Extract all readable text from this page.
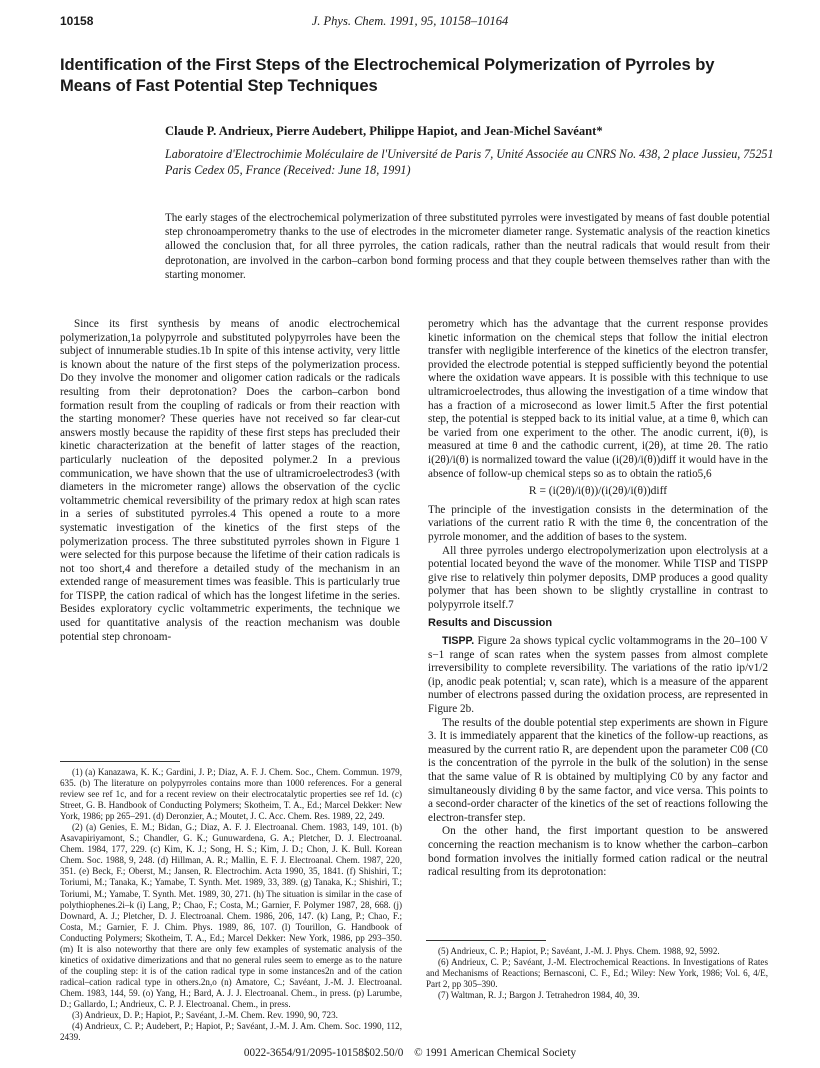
10158	J. Phys. Chem. 1991, 95, 10158–10164
Identification of the First Steps of the Electrochemical Polymerization of Pyrroles by Means of Fast Potential Step Techniques
Claude P. Andrieux, Pierre Audebert, Philippe Hapiot, and Jean-Michel Savéant*
Laboratoire d'Electrochimie Moléculaire de l'Université de Paris 7, Unité Associée au CNRS No. 438, 2 place Jussieu, 75251 Paris Cedex 05, France (Received: June 18, 1991)
The early stages of the electrochemical polymerization of three substituted pyrroles were investigated by means of fast double potential step chronoamperometry thanks to the use of electrodes in the micrometer diameter range. Systematic analysis of the reaction kinetics allowed the conclusion that, for all three pyrroles, the cation radicals, rather than the neutral radicals that would result from their deprotonation, are involved in the carbon–carbon bond forming process and that they couple between themselves rather than with the starting monomer.

Since its first synthesis by means of anodic electrochemical polymerization,1a polypyrrole and substituted polypyrroles have been the subject of innumerable studies.1b In spite of this intense activity, very little is known about the nature of the first steps of the polymerization process. Do they involve the monomer and oligomer cation radicals or the radicals resulting from their deprotonation? Does the carbon–carbon bond formation result from the coupling of radicals or from their reaction with the starting monomer? These queries have not received so far clear-cut answers mostly because the rapidity of these first steps has precluded their kinetic characterization at the benefit of latter stages of the reaction, particularly nucleation of the deposited polymer.2 In a previous communication, we have shown that the use of ultramicroelectrodes3 (with diameters in the micrometer range) allows the observation of the cyclic voltammetric chemical reversibility of the primary redox at high scan rates in a series of substituted pyrroles.4 This opened a route to a more systematic investigation of the kinetics of the first steps of the polymerization process. The three substituted pyrroles shown in Figure 1 were selected for this purpose because the lifetime of their cation radicals is not too short,4 and therefore a detailed study of the mechanism in an extended range of measurement times was feasible. This is particularly true for TISPP, the cation radical of which has the longest lifetime in the series. Besides exploratory cyclic voltammetric experiments, the technique we used for quantitative analysis of the reaction mechanism was double potential step chronoam-

perometry which has the advantage that the current response provides kinetic information on the chemical steps that follow the initial electron transfer with negligible interference of the kinetics of the electron transfer, provided the electrode potential is stepped sufficiently beyond the potential where the oxidation wave appears. It is possible with this technique to use ultramicroelectrodes, thus allowing the investigation of a time window that has a fraction of a microsecond as lower limit.5 After the first potential step, the potential is stepped back to its initial value, at a time θ, which can be varied from one experiment to the other. The anodic current, i(θ), is measured at time θ and the cathodic current, i(2θ), at time 2θ. The ratio i(2θ)/i(θ) is normalized toward the value (i(2θ)/i(θ))diff it would have in the absence of follow-up chemical steps so as to obtain the ratio5,6

R = (i(2θ)/i(θ))/(i(2θ)/i(θ))diff

The principle of the investigation consists in the determination of the variations of the current ratio R with the time θ, the concentration of the pyrrole monomer, and the addition of bases to the system.

All three pyrroles undergo electropolymerization upon electrolysis at a potential located beyond the wave of the monomer. While TISP and TISPP give rise to relatively thin polymer deposits, DMP produces a good quality polymer that has been shown to be slightly crystalline in contrast to polypyrrole itself.7

Results and Discussion

TISPP. Figure 2a shows typical cyclic voltammograms in the 20–100 V s−1 range of scan rates when the system passes from almost complete irreversibility to complete reversibility. The variations of the ratio ip/v1/2 (ip, anodic peak potential; v, scan rate), which is a measure of the apparent number of electrons passed during the oxidation process, are represented in Figure 2b.

The results of the double potential step experiments are shown in Figure 3. It is immediately apparent that the kinetics of the follow-up reactions, as measured by the current ratio R, are dependent upon the parameter C0θ (C0 is the concentration of the pyrrole in the bulk of the solution) in the sense that the same value of R is obtained by multiplying C0 by any factor and simultaneously dividing θ by the same factor, and vice versa. This points to a second-order character of the kinetics of the set of reactions following the electron-transfer step.

On the other hand, the first important question to be answered concerning the reaction mechanism is to know whether the carbon–carbon bond formation involves the initially formed cation radical or the neutral radical resulting from its deprotonation:

(1) (a) Kanazawa, K. K.; Gardini, J. P.; Diaz, A. F. J. Chem. Soc., Chem. Commun. 1979, 635. (b) The literature on polypyrroles contains more than 1000 references. For a general review see ref 1c, and for a recent review on their electrocatalytic properties see ref 1d. (c) Street, G. B. Handbook of Conducting Polymers; Skotheim, T. A., Ed.; Marcel Dekker: New York, 1986; pp 265–291. (d) Deronzier, A.; Moutet, J. C. Acc. Chem. Res. 1989, 22, 249.
(2) (a) Genies, E. M.; Bidan, G.; Diaz, A. F. J. Electroanal. Chem. 1983, 149, 101. (b) Asavapiriyamont, S.; Chandler, G. K.; Gunuwardena, G. A.; Pletcher, D. J. Electroanal. Chem. 1984, 177, 229. (c) Kim, K. J.; Song, H. S.; Kim, J. D.; Chon, J. K. Bull. Korean Chem. Soc. 1988, 9, 248. (d) Hillman, A. R.; Mallin, E. F. J. Electroanal. Chem. 1987, 220, 351. (e) Beck, F.; Oberst, M.; Jansen, R. Electrochim. Acta 1990, 35, 1841. (f) Shishiri, T.; Toriumi, M.; Tanaka, K.; Yamabe, T. Synth. Met. 1989, 33, 389. (g) Tanaka, K.; Shishiri, T.; Toriumi, M.; Yamabe, T. Synth. Met. 1989, 30, 271. (h) The situation is similar in the case of polythiophenes.2i–k (i) Lang, P.; Chao, F.; Costa, M.; Garnier, F. Polymer 1987, 28, 668. (j) Downard, A. J.; Pletcher, D. J. Electroanal. Chem. 1986, 206, 147. (k) Lang, P.; Chao, F.; Costa, M.; Garnier, F. J. Chim. Phys. 1989, 86, 107. (l) Tourillon, G. Handbook of Conducting Polymers; Skotheim, T. A., Ed.; Marcel Dekker: New York, 1986, pp 293–350. (m) It is also noteworthy that there are only few examples of systematic analysis of the kinetics of oxidative dimerizations and that no general rules seem to emerge as to the nature of the coupling step: it is of the cation radical type in some instances2n and of the cation radical–cation radical type in others.2n,o (n) Amatore, C.; Savéant, J.-M. J. Electroanal. Chem. 1983, 144, 59. (o) Yang, H.; Bard, A. J. J. Electroanal. Chem., in press. (p) Larumbe, D.; Gallardo, I.; Andrieux, C. P. J. Electroanal. Chem., in press.
(3) Andrieux, D. P.; Hapiot, P.; Savéant, J.-M. Chem. Rev. 1990, 90, 723.
(4) Andrieux, C. P.; Audebert, P.; Hapiot, P.; Savéant, J.-M. J. Am. Chem. Soc. 1990, 112, 2439.
(5) Andrieux, C. P.; Hapiot, P.; Savéant, J.-M. J. Phys. Chem. 1988, 92, 5992.
(6) Andrieux, C. P.; Savéant, J.-M. Electrochemical Reactions. In Investigations of Rates and Mechanisms of Reactions; Bernasconi, C. F., Ed.; Wiley: New York, 1986; Vol. 6, 4/E, Part 2, pp 305–390.
(7) Waltman, R. J.; Bargon J. Tetrahedron 1984, 40, 39.
0022-3654/91/2095-10158$02.50/0 © 1991 American Chemical Society
